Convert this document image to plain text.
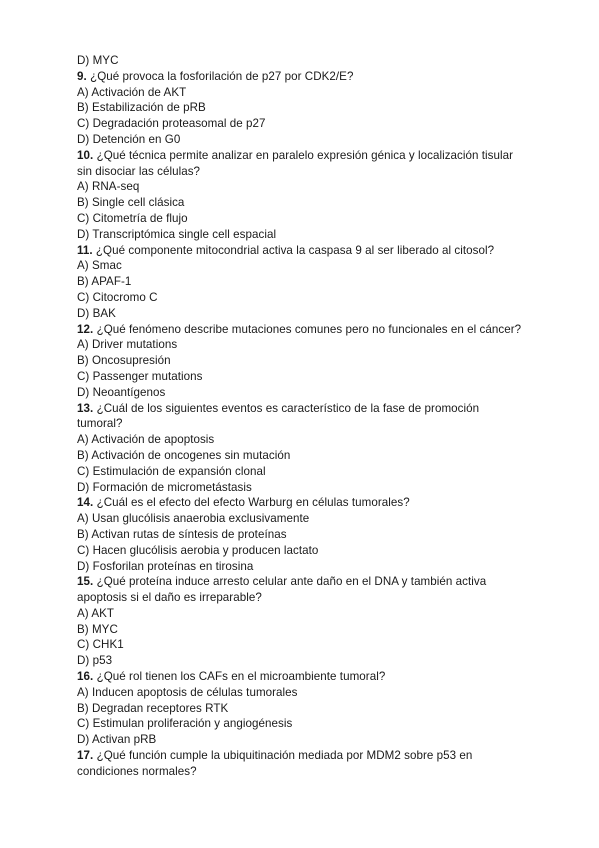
D) MYC
9. ¿Qué provoca la fosforilación de p27 por CDK2/E?
A) Activación de AKT
B) Estabilización de pRB
C) Degradación proteasomal de p27
D) Detención en G0
10. ¿Qué técnica permite analizar en paralelo expresión génica y localización tisular sin disociar las células?
A) RNA-seq
B) Single cell clásica
C) Citometría de flujo
D) Transcriptómica single cell espacial
11. ¿Qué componente mitocondrial activa la caspasa 9 al ser liberado al citosol?
A) Smac
B) APAF-1
C) Citocromo C
D) BAK
12. ¿Qué fenómeno describe mutaciones comunes pero no funcionales en el cáncer?
A) Driver mutations
B) Oncosupresión
C) Passenger mutations
D) Neoantígenos
13. ¿Cuál de los siguientes eventos es característico de la fase de promoción tumoral?
A) Activación de apoptosis
B) Activación de oncogenes sin mutación
C) Estimulación de expansión clonal
D) Formación de micrometástasis
14. ¿Cuál es el efecto del efecto Warburg en células tumorales?
A) Usan glucólisis anaerobia exclusivamente
B) Activan rutas de síntesis de proteínas
C) Hacen glucólisis aerobia y producen lactato
D) Fosforilan proteínas en tirosina
15. ¿Qué proteína induce arresto celular ante daño en el DNA y también activa apoptosis si el daño es irreparable?
A) AKT
B) MYC
C) CHK1
D) p53
16. ¿Qué rol tienen los CAFs en el microambiente tumoral?
A) Inducen apoptosis de células tumorales
B) Degradan receptores RTK
C) Estimulan proliferación y angiogénesis
D) Activan pRB
17. ¿Qué función cumple la ubiquitinación mediada por MDM2 sobre p53 en condiciones normales?
